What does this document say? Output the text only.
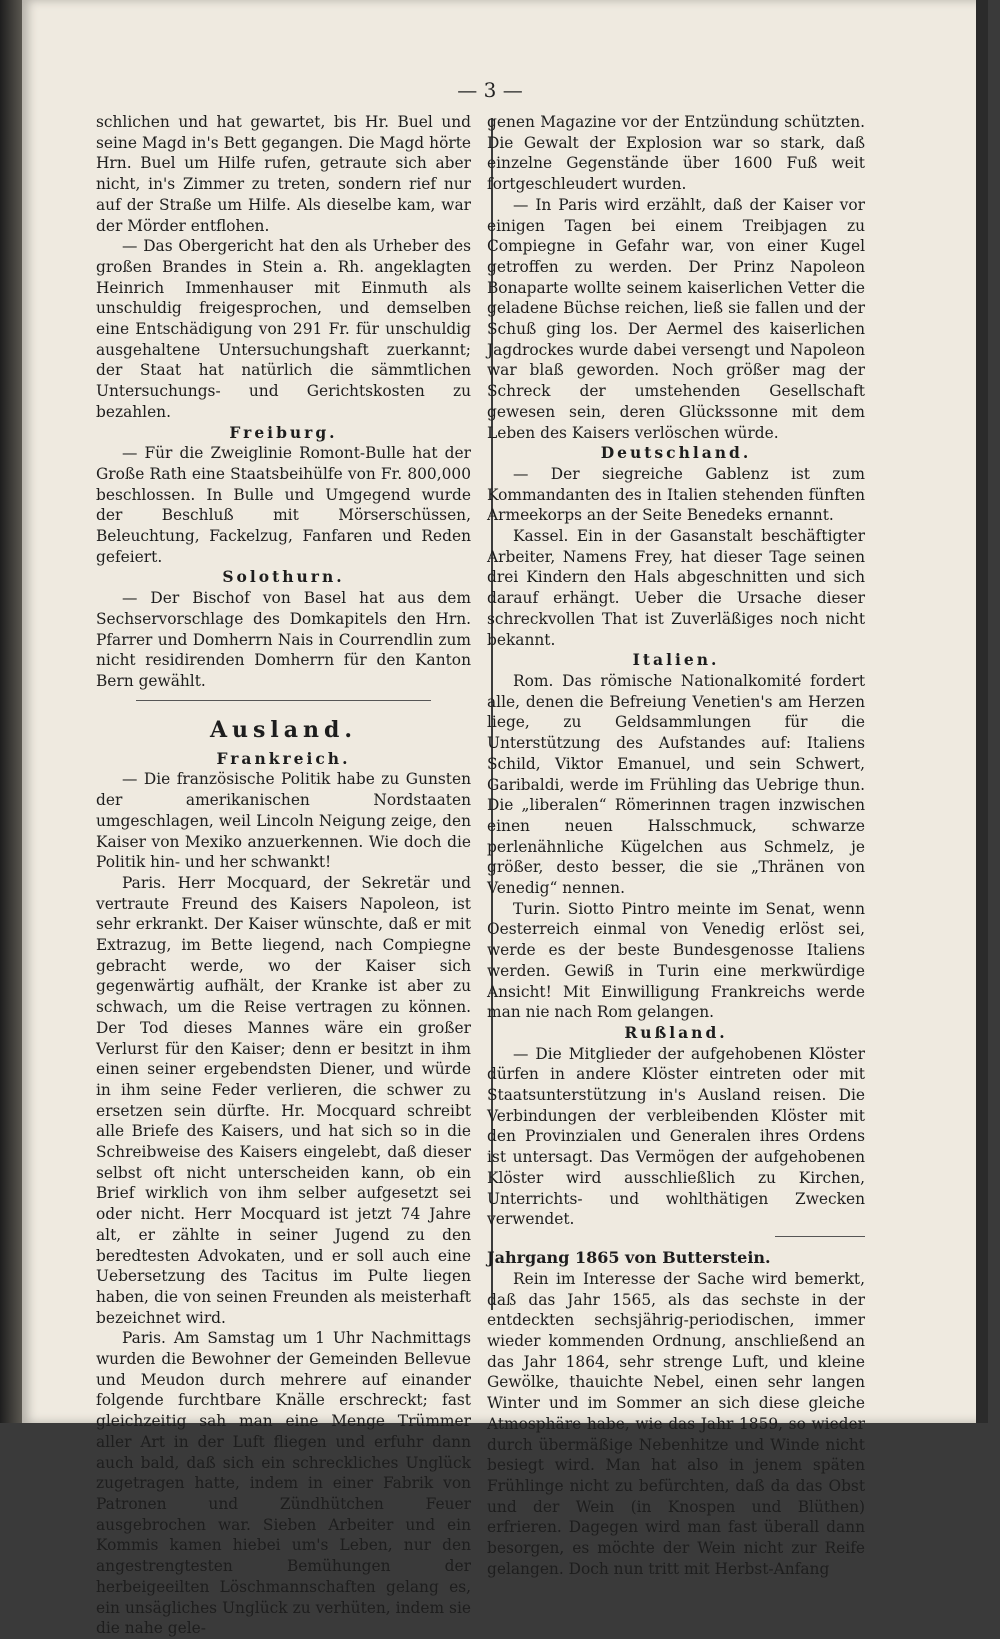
— 3 —

schlichen und hat gewartet, bis Hr. Buel und seine Magd in's Bett gegangen. Die Magd hörte Hrn. Buel um Hilfe rufen, getraute sich aber nicht, in's Zimmer zu treten, sondern rief nur auf der Straße um Hilfe. Als dieselbe kam, war der Mörder entflohen.

— Das Obergericht hat den als Urheber des großen Brandes in Stein a. Rh. angeklagten Heinrich Immenhauser mit Einmuth als unschuldig freigesprochen, und demselben eine Entschädigung von 291 Fr. für unschuldig ausgehaltene Untersuchungshaft zuerkannt; der Staat hat natürlich die sämmtlichen Untersuchungs- und Gerichtskosten zu bezahlen.

Freiburg.

— Für die Zweiglinie Romont-Bulle hat der Große Rath eine Staatsbeihülfe von Fr. 800,000 beschlossen. In Bulle und Umgegend wurde der Beschluß mit Mörserschüssen, Beleuchtung, Fackelzug, Fanfaren und Reden gefeiert.

Solothurn.

— Der Bischof von Basel hat aus dem Sechservorschlage des Domkapitels den Hrn. Pfarrer und Domherrn Nais in Courrendlin zum nicht residirenden Domherrn für den Kanton Bern gewählt.

Ausland.
Frankreich.

— Die französische Politik habe zu Gunsten der amerikanischen Nordstaaten umgeschlagen, weil Lincoln Neigung zeige, den Kaiser von Mexiko anzuerkennen. Wie doch die Politik hin- und her schwankt!

Paris. Herr Mocquard, der Sekretär und vertraute Freund des Kaisers Napoleon, ist sehr erkrankt. Der Kaiser wünschte, daß er mit Extrazug, im Bette liegend, nach Compiegne gebracht werde, wo der Kaiser sich gegenwärtig aufhält, der Kranke ist aber zu schwach, um die Reise vertragen zu können. Der Tod dieses Mannes wäre ein großer Verlurst für den Kaiser; denn er besitzt in ihm einen seiner ergebendsten Diener, und würde in ihm seine Feder verlieren, die schwer zu ersetzen sein dürfte. Hr. Mocquard schreibt alle Briefe des Kaisers, und hat sich so in die Schreibweise des Kaisers eingelebt, daß dieser selbst oft nicht unterscheiden kann, ob ein Brief wirklich von ihm selber aufgesetzt sei oder nicht. Herr Mocquard ist jetzt 74 Jahre alt, er zählte in seiner Jugend zu den beredtesten Advokaten, und er soll auch eine Uebersetzung des Tacitus im Pulte liegen haben, die von seinen Freunden als meisterhaft bezeichnet wird.

Paris. Am Samstag um 1 Uhr Nachmittags wurden die Bewohner der Gemeinden Bellevue und Meudon durch mehrere auf einander folgende furchtbare Knälle erschreckt; fast gleichzeitig sah man eine Menge Trümmer aller Art in der Luft fliegen und erfuhr dann auch bald, daß sich ein schreckliches Unglück zugetragen hatte, indem in einer Fabrik von Patronen und Zündhütchen Feuer ausgebrochen war. Sieben Arbeiter und ein Kommis kamen hiebei um's Leben, nur den angestrengtesten Bemühungen der herbeigeeilten Löschmannschaften gelang es, ein unsägliches Unglück zu verhüten, indem sie die nahe gele-

genen Magazine vor der Entzündung schützten. Die Gewalt der Explosion war so stark, daß einzelne Gegenstände über 1600 Fuß weit fortgeschleudert wurden.

— In Paris wird erzählt, daß der Kaiser vor einigen Tagen bei einem Treibjagen zu Compiegne in Gefahr war, von einer Kugel getroffen zu werden. Der Prinz Napoleon Bonaparte wollte seinem kaiserlichen Vetter die geladene Büchse reichen, ließ sie fallen und der Schuß ging los. Der Aermel des kaiserlichen Jagdrockes wurde dabei versengt und Napoleon war blaß geworden. Noch größer mag der Schreck der umstehenden Gesellschaft gewesen sein, deren Glückssonne mit dem Leben des Kaisers verlöschen würde.

Deutschland.

— Der siegreiche Gablenz ist zum Kommandanten des in Italien stehenden fünften Armeekorps an der Seite Benedeks ernannt.

Kassel. Ein in der Gasanstalt beschäftigter Arbeiter, Namens Frey, hat dieser Tage seinen drei Kindern den Hals abgeschnitten und sich darauf erhängt. Ueber die Ursache dieser schreckvollen That ist Zuverläßiges noch nicht bekannt.

Italien.

Rom. Das römische Nationalkomité fordert alle, denen die Befreiung Venetien's am Herzen liege, zu Geldsammlungen für die Unterstützung des Aufstandes auf: Italiens Schild, Viktor Emanuel, und sein Schwert, Garibaldi, werde im Frühling das Uebrige thun. Die „liberalen“ Römerinnen tragen inzwischen einen neuen Halsschmuck, schwarze perlenähnliche Kügelchen aus Schmelz, je größer, desto besser, die sie „Thränen von Venedig“ nennen.

Turin. Siotto Pintro meinte im Senat, wenn Oesterreich einmal von Venedig erlöst sei, werde es der beste Bundesgenosse Italiens werden. Gewiß in Turin eine merkwürdige Ansicht! Mit Einwilligung Frankreichs werde man nie nach Rom gelangen.

Rußland.

— Die Mitglieder der aufgehobenen Klöster dürfen in andere Klöster eintreten oder mit Staatsunterstützung in's Ausland reisen. Die Verbindungen der verbleibenden Klöster mit den Provinzialen und Generalen ihres Ordens ist untersagt. Das Vermögen der aufgehobenen Klöster wird ausschließlich zu Kirchen, Unterrichts- und wohlthätigen Zwecken verwendet.

Jahrgang 1865 von Butterstein.

Rein im Interesse der Sache wird bemerkt, daß das Jahr 1565, als das sechste in der entdeckten sechsjährig-periodischen, immer wieder kommenden Ordnung, anschließend an das Jahr 1864, sehr strenge Luft, und kleine Gewölke, thauichte Nebel, einen sehr langen Winter und im Sommer an sich diese gleiche Atmosphäre habe, wie das Jahr 1859, so wieder durch übermäßige Nebenhitze und Winde nicht besiegt wird. Man hat also in jenem späten Frühlinge nicht zu befürchten, daß da das Obst und der Wein (in Knospen und Blüthen) erfrieren. Dagegen wird man fast überall dann besorgen, es möchte der Wein nicht zur Reife gelangen. Doch nun tritt mit Herbst-Anfang
